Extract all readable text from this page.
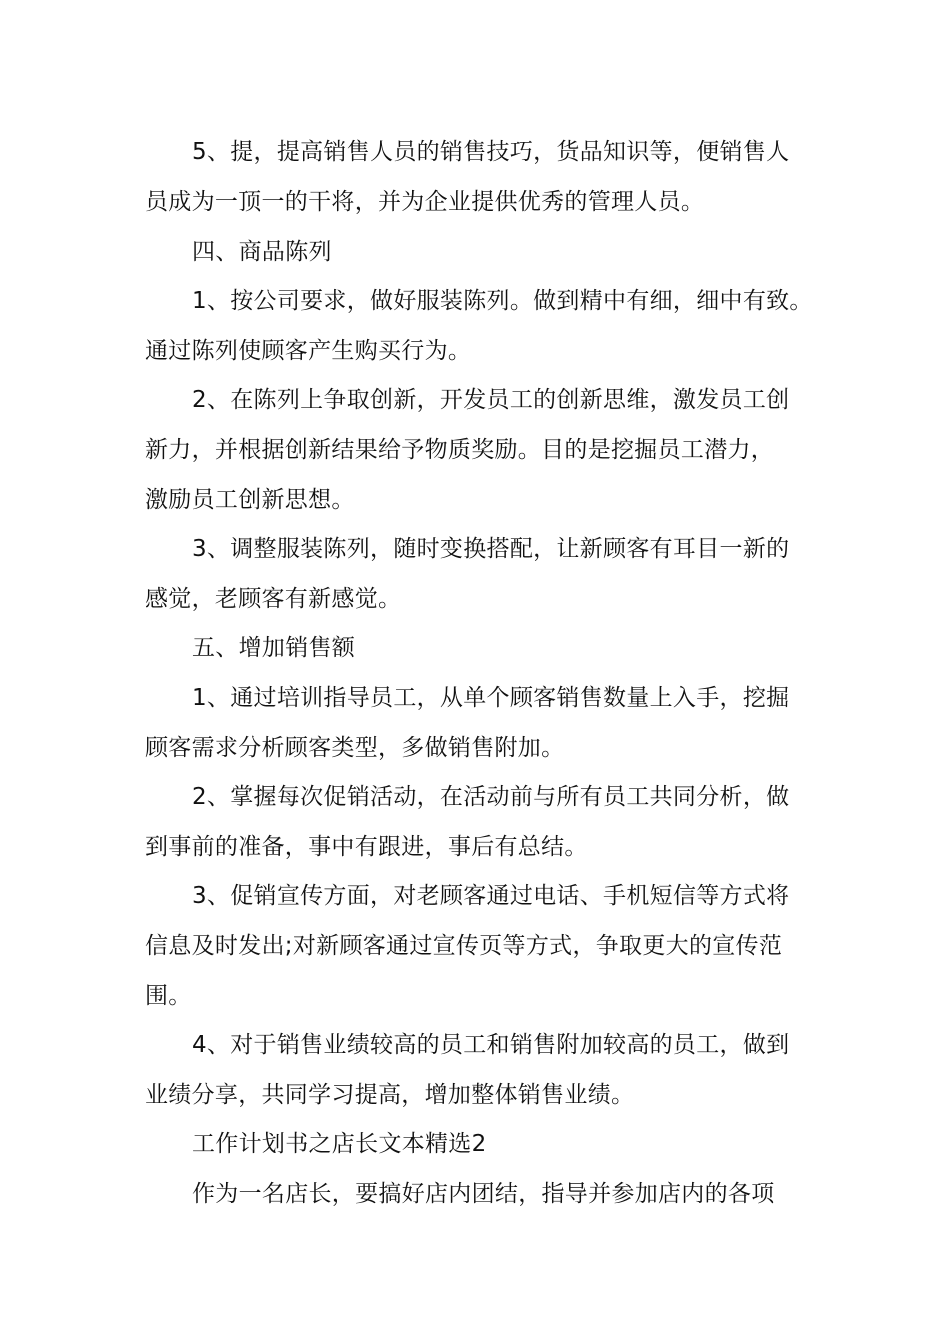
5、提，提高销售人员的销售技巧，货品知识等，便销售人
员成为一顶一的干将，并为企业提供优秀的管理人员。
四、商品陈列
1、按公司要求，做好服装陈列。做到精中有细，细中有致。
通过陈列使顾客产生购买行为。
2、在陈列上争取创新，开发员工的创新思维，激发员工创
新力，并根据创新结果给予物质奖励。目的是挖掘员工潜力，
激励员工创新思想。
3、调整服装陈列，随时变换搭配，让新顾客有耳目一新的
感觉，老顾客有新感觉。
五、增加销售额
1、通过培训指导员工，从单个顾客销售数量上入手，挖掘
顾客需求分析顾客类型，多做销售附加。
2、掌握每次促销活动，在活动前与所有员工共同分析，做
到事前的准备，事中有跟进，事后有总结。
3、促销宣传方面，对老顾客通过电话、手机短信等方式将
信息及时发出;对新顾客通过宣传页等方式，争取更大的宣传范
围。
4、对于销售业绩较高的员工和销售附加较高的员工，做到
业绩分享，共同学习提高，增加整体销售业绩。
工作计划书之店长文本精选2
作为一名店长，要搞好店内团结，指导并参加店内的各项
